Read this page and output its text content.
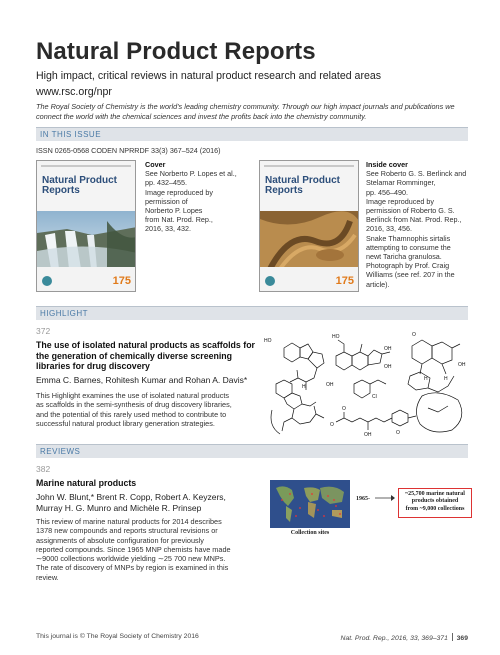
Natural Product Reports
High impact, critical reviews in natural product research and related areas
www.rsc.org/npr
The Royal Society of Chemistry is the world's leading chemistry community. Through our high impact journals and publications we connect the world with the chemical sciences and invest the profits back into the chemistry community.
IN THIS ISSUE
ISSN 0265-0568 CODEN NPRRDF 33(3) 367–524 (2016)
Natural Product Reports
175
Cover
See Norberto P. Lopes et al.,
pp. 432–455.
Image reproduced by
permission of
Norberto P. Lopes
from Nat. Prod. Rep.,
2016, 33, 432.
Natural Product Reports
175
Inside cover
See Roberto G. S. Berlinck and
Stelamar Romminger,
pp. 456–490.
Image reproduced by
permission of Roberto G. S.
Berlinck from Nat. Prod. Rep.,
2016, 33, 456.
Snake Thamnophis sirtalis
attempting to consume the
newt Taricha granulosa.
Photograph by Prof. Craig
Williams (see ref. 207 in the
article).
HIGHLIGHT
372
The use of isolated natural products as scaffolds for
the generation of chemically diverse screening
libraries for drug discovery
Emma C. Barnes, Rohitesh Kumar and Rohan A. Davis*
This Highlight examines the use of isolated natural products
as scaffolds in the semi-synthesis of drug discovery libraries,
and the potential of this rarely used method to contribute to
successful natural product library generation strategies.
HO
OH
H
HO
OH
OH
O
H	H
O
O
OH	O
Cl
OH
REVIEWS
382
Marine natural products
John W. Blunt,* Brent R. Copp, Robert A. Keyzers,
Murray H. G. Munro and Michèle R. Prinsep
This review of marine natural products for 2014 describes
1378 new compounds and reports structural revisions or
assignments of absolute configuration for previously
reported compounds. Since 1965 MNP chemists have made
∼9000 collections worldwide yielding ∼25 700 new MNPs.
The rate of discovery of MNPs by region is examined in this
review.
Collection sites
1965-
~25,700 marine natural
products obtained
from ~9,000 collections
This journal is © The Royal Society of Chemistry 2016	Nat. Prod. Rep., 2016, 33, 369–371 369
